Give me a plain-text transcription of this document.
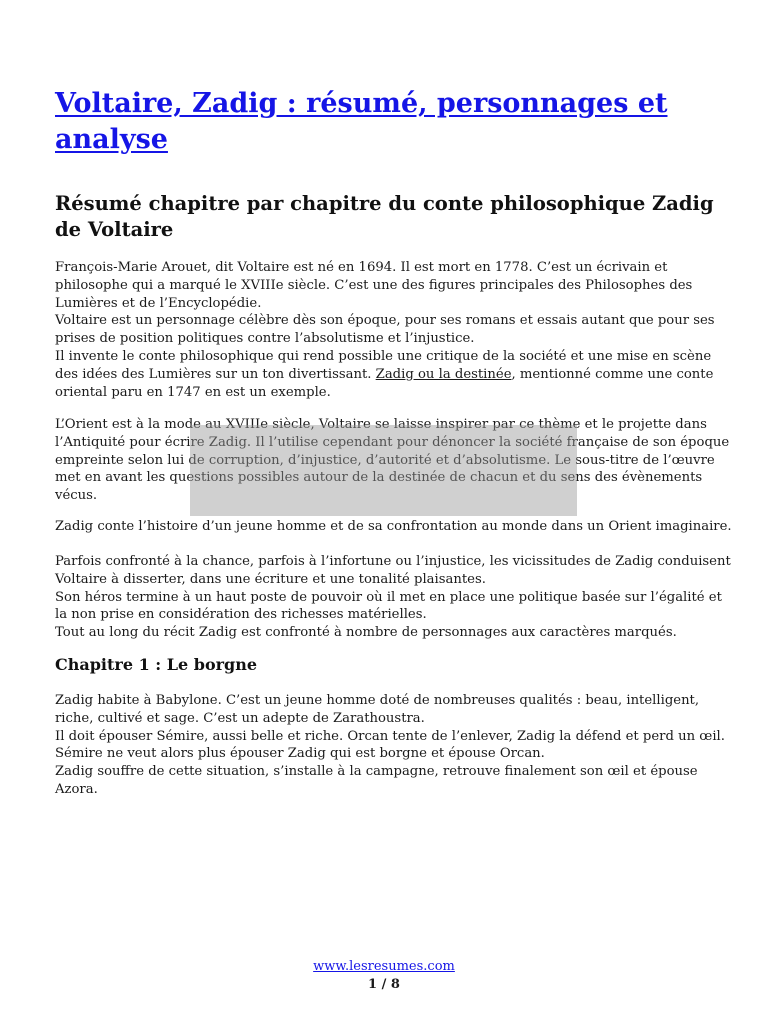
Voltaire, Zadig : résumé, personnages et
analyse
Résumé chapitre par chapitre du conte philosophique Zadig
de Voltaire
François-Marie Arouet, dit Voltaire est né en 1694. Il est mort en 1778. C’est un écrivain et
philosophe qui a marqué le XVIIIe siècle. C’est une des figures principales des Philosophes des
Lumières et de l’Encyclopédie.
Voltaire est un personnage célèbre dès son époque, pour ses romans et essais autant que pour ses
prises de position politiques contre l’absolutisme et l’injustice.
Il invente le conte philosophique qui rend possible une critique de la société et une mise en scène
des idées des Lumières sur un ton divertissant. Zadig ou la destinée, mentionné comme une conte
oriental paru en 1747 en est un exemple.
L’Orient est à la mode au XVIIIe siècle, Voltaire se laisse inspirer par ce thème et le projette dans
l’Antiquité pour écrire Zadig. Il l’utilise cependant pour dénoncer la société française de son époque
empreinte selon lui de corruption, d’injustice, d’autorité et d’absolutisme. Le sous-titre de l’œuvre
met en avant les questions possibles autour de la destinée de chacun et du sens des évènements
vécus.
Zadig conte l’histoire d’un jeune homme et de sa confrontation au monde dans un Orient imaginaire.
Parfois confronté à la chance, parfois à l’infortune ou l’injustice, les vicissitudes de Zadig conduisent
Voltaire à disserter, dans une écriture et une tonalité plaisantes.
Son héros termine à un haut poste de pouvoir où il met en place une politique basée sur l’égalité et
la non prise en considération des richesses matérielles.
Tout au long du récit Zadig est confronté à nombre de personnages aux caractères marqués.
Chapitre 1 : Le borgne
Zadig habite à Babylone. C’est un jeune homme doté de nombreuses qualités : beau, intelligent,
riche, cultivé et sage. C’est un adepte de Zarathoustra.
Il doit épouser Sémire, aussi belle et riche. Orcan tente de l’enlever, Zadig la défend et perd un œil.
Sémire ne veut alors plus épouser Zadig qui est borgne et épouse Orcan.
Zadig souffre de cette situation, s’installe à la campagne, retrouve finalement son œil et épouse
Azora.
www.lesresumes.com
1 / 8
